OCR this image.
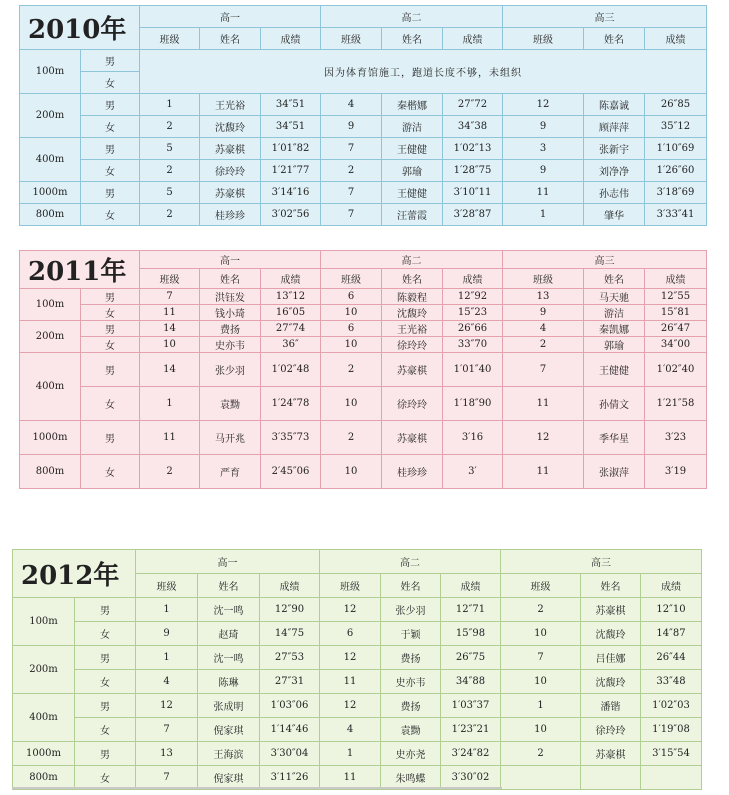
2010年		高一			高二			高三		
		班级	姓名	成绩	班级	姓名	成绩	班级	姓名	成绩
100m	男	因为体育馆施工，跑道长度不够，未组织								
	女									
200m	男	1	王光裕	34″51	4	秦楷娜	27″72	12	陈嘉诚	26″85
	女	2	沈馥玲	34″51	9	游洁	34″38	9	顾萍萍	35″12
400m	男	5	苏豪棋	1′01″82	7	王健健	1′02″13	3	张新宇	1′10″69
	女	2	徐玲玲	1′21″77	2	郭瑜	1′28″75	9	刘净净	1′26″60
1000m	男	5	苏豪棋	3′14″16	7	王健健	3′10″11	11	孙志伟	3′18″69
800m	女	2	桂珍珍	3′02″56	7	汪蕾霞	3′28″87	1	肇华	3′33″41
2011年		高一			高二			高三		
		班级	姓名	成绩	班级	姓名	成绩	班级	姓名	成绩
100m	男	7	洪钰发	13″12	6	陈毅程	12″92	13	马天驰	12″55
	女	11	钱小琦	16″05	10	沈馥玲	15″23	9	游洁	15″81
200m	男	14	费扬	27″74	6	王光裕	26″66	4	秦凯娜	26″47
	女	10	史亦韦	36″	10	徐玲玲	33″70	2	郭瑜	34″00
400m	男	14	张少羽	1′02″48	2	苏豪棋	1′01″40	7	王健健	1′02″40
	女	1	袁黝	1′24″78	10	徐玲玲	1′18″90	11	孙倩文	1′21″58
1000m	男	11	马开兆	3′35″73	2	苏豪棋	3′16	12	季华星	3′23
800m	女	2	严育	2′45″06	10	桂珍珍	3′	11	张淑萍	3′19
2012年		高一			高二			高三		
		班级	姓名	成绩	班级	姓名	成绩	班级	姓名	成绩
100m	男	1	沈一鸣	12″90	12	张少羽	12″71	2	苏豪棋	12″10
	女	9	赵琦	14″75	6	于颖	15″98	10	沈馥玲	14″87
200m	男	1	沈一鸣	27″53	12	费扬	26″75	7	吕佳娜	26″44
	女	4	陈琳	27″31	11	史亦韦	34″88	10	沈馥玲	33″48
400m	男	12	张成明	1′03″06	12	费扬	1′03″37	1	潘锴	1′02″03
	女	7	倪家琪	1′14″46	4	袁黝	1′23″21	10	徐玲玲	1′19″08
1000m	男	13	王海滨	3′30″04	1	史亦尧	3′24″82	2	苏豪棋	3′15″54
800m	女	7	倪家琪	3′11″26	11	朱鸣蝶	3′30″02			
